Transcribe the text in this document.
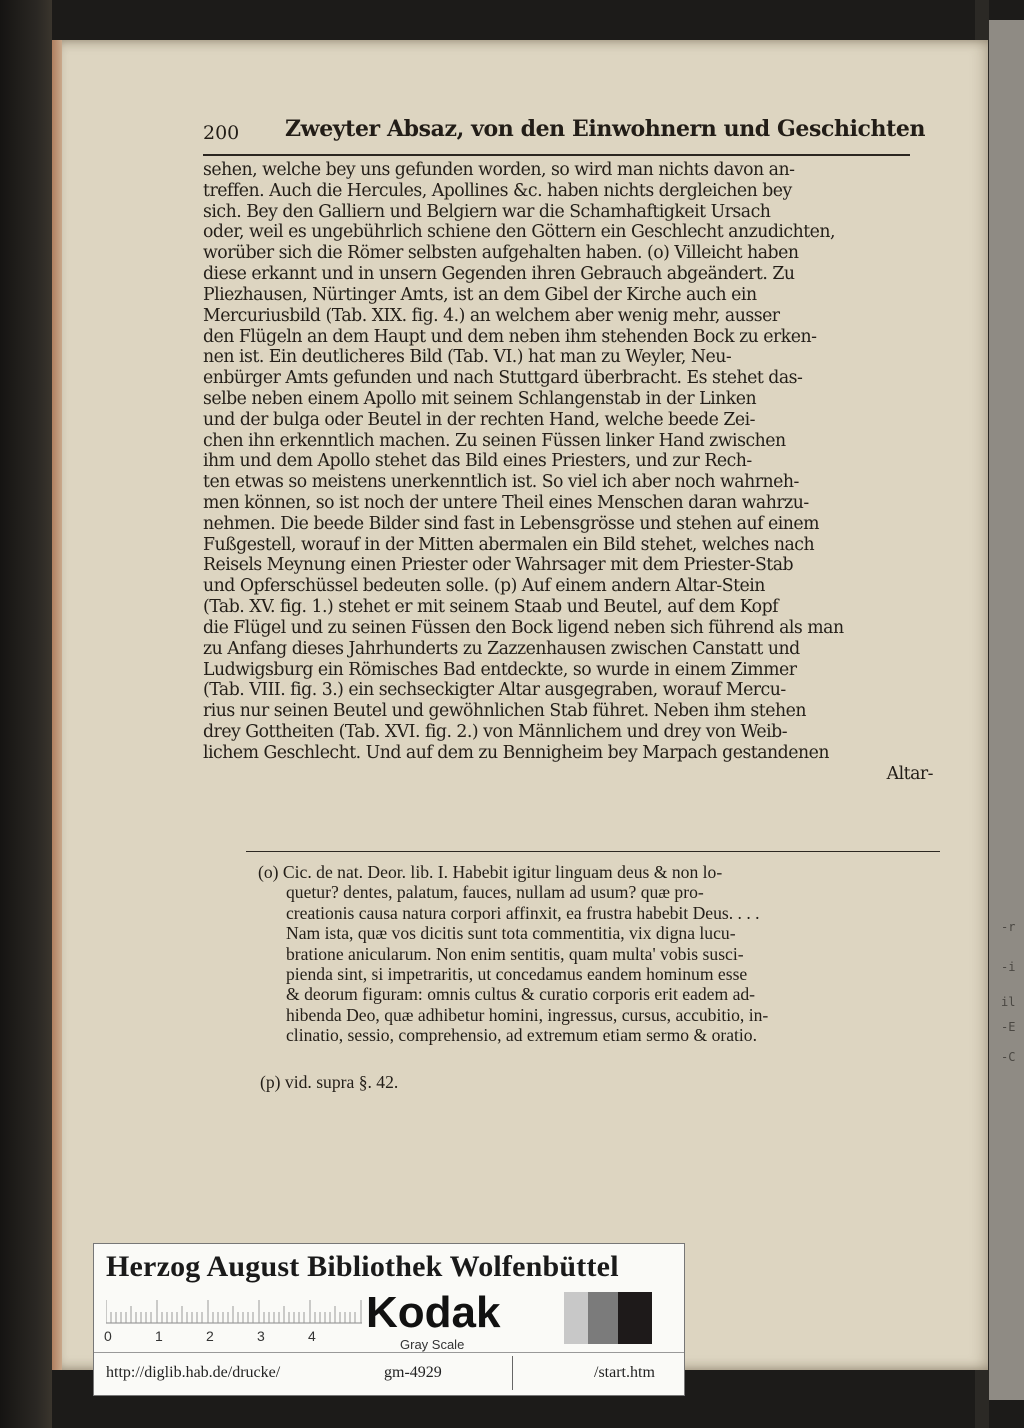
-r
-i
il
-E
-C
200 Zweyter Absaz, von den Einwohnern und Geschichten
sehen, welche bey uns gefunden worden, so wird man nichts davon an-
treffen. Auch die Hercules, Apollines &c. haben nichts dergleichen bey
sich. Bey den Galliern und Belgiern war die Schamhaftigkeit Ursach
oder, weil es ungebührlich schiene den Göttern ein Geschlecht anzudichten,
worüber sich die Römer selbsten aufgehalten haben. (o) Villeicht haben
diese erkannt und in unsern Gegenden ihren Gebrauch abgeändert. Zu
Pliezhausen, Nürtinger Amts, ist an dem Gibel der Kirche auch ein
Mercuriusbild (Tab. XIX. fig. 4.) an welchem aber wenig mehr, ausser
den Flügeln an dem Haupt und dem neben ihm stehenden Bock zu erken-
nen ist. Ein deutlicheres Bild (Tab. VI.) hat man zu Weyler, Neu-
enbürger Amts gefunden und nach Stuttgard überbracht. Es stehet das-
selbe neben einem Apollo mit seinem Schlangenstab in der Linken
und der bulga oder Beutel in der rechten Hand, welche beede Zei-
chen ihn erkenntlich machen. Zu seinen Füssen linker Hand zwischen
ihm und dem Apollo stehet das Bild eines Priesters, und zur Rech-
ten etwas so meistens unerkenntlich ist. So viel ich aber noch wahrneh-
men können, so ist noch der untere Theil eines Menschen daran wahrzu-
nehmen. Die beede Bilder sind fast in Lebensgrösse und stehen auf einem
Fußgestell, worauf in der Mitten abermalen ein Bild stehet, welches nach
Reisels Meynung einen Priester oder Wahrsager mit dem Priester-Stab
und Opferschüssel bedeuten solle. (p) Auf einem andern Altar-Stein
(Tab. XV. fig. 1.) stehet er mit seinem Staab und Beutel, auf dem Kopf
die Flügel und zu seinen Füssen den Bock ligend neben sich führend als man
zu Anfang dieses Jahrhunderts zu Zazzenhausen zwischen Canstatt und
Ludwigsburg ein Römisches Bad entdeckte, so wurde in einem Zimmer
(Tab. VIII. fig. 3.) ein sechseckigter Altar ausgegraben, worauf Mercu-
rius nur seinen Beutel und gewöhnlichen Stab führet. Neben ihm stehen
drey Gottheiten (Tab. XVI. fig. 2.) von Männlichem und drey von Weib-
lichem Geschlecht. Und auf dem zu Bennigheim bey Marpach gestandenen
Altar-
(o) Cic. de nat. Deor. lib. I. Habebit igitur linguam deus & non lo-
quetur? dentes, palatum, fauces, nullam ad usum? quæ pro-
creationis causa natura corpori affinxit, ea frustra habebit Deus. . . .
Nam ista, quæ vos dicitis sunt tota commentitia, vix digna lucu-
bratione anicularum. Non enim sentitis, quam multa' vobis susci-
pienda sint, si impetraritis, ut concedamus eandem hominum esse
& deorum figuram: omnis cultus & curatio corporis erit eadem ad-
hibenda Deo, quæ adhibetur homini, ingressus, cursus, accubitio, in-
clinatio, sessio, comprehensio, ad extremum etiam sermo & oratio.
(p) vid. supra §. 42.
Herzog August Bibliothek Wolfenbüttel
0	1	2	3	4 Kodak
Gray Scale
http://diglib.hab.de/drucke/	gm-4929	/start.htm
